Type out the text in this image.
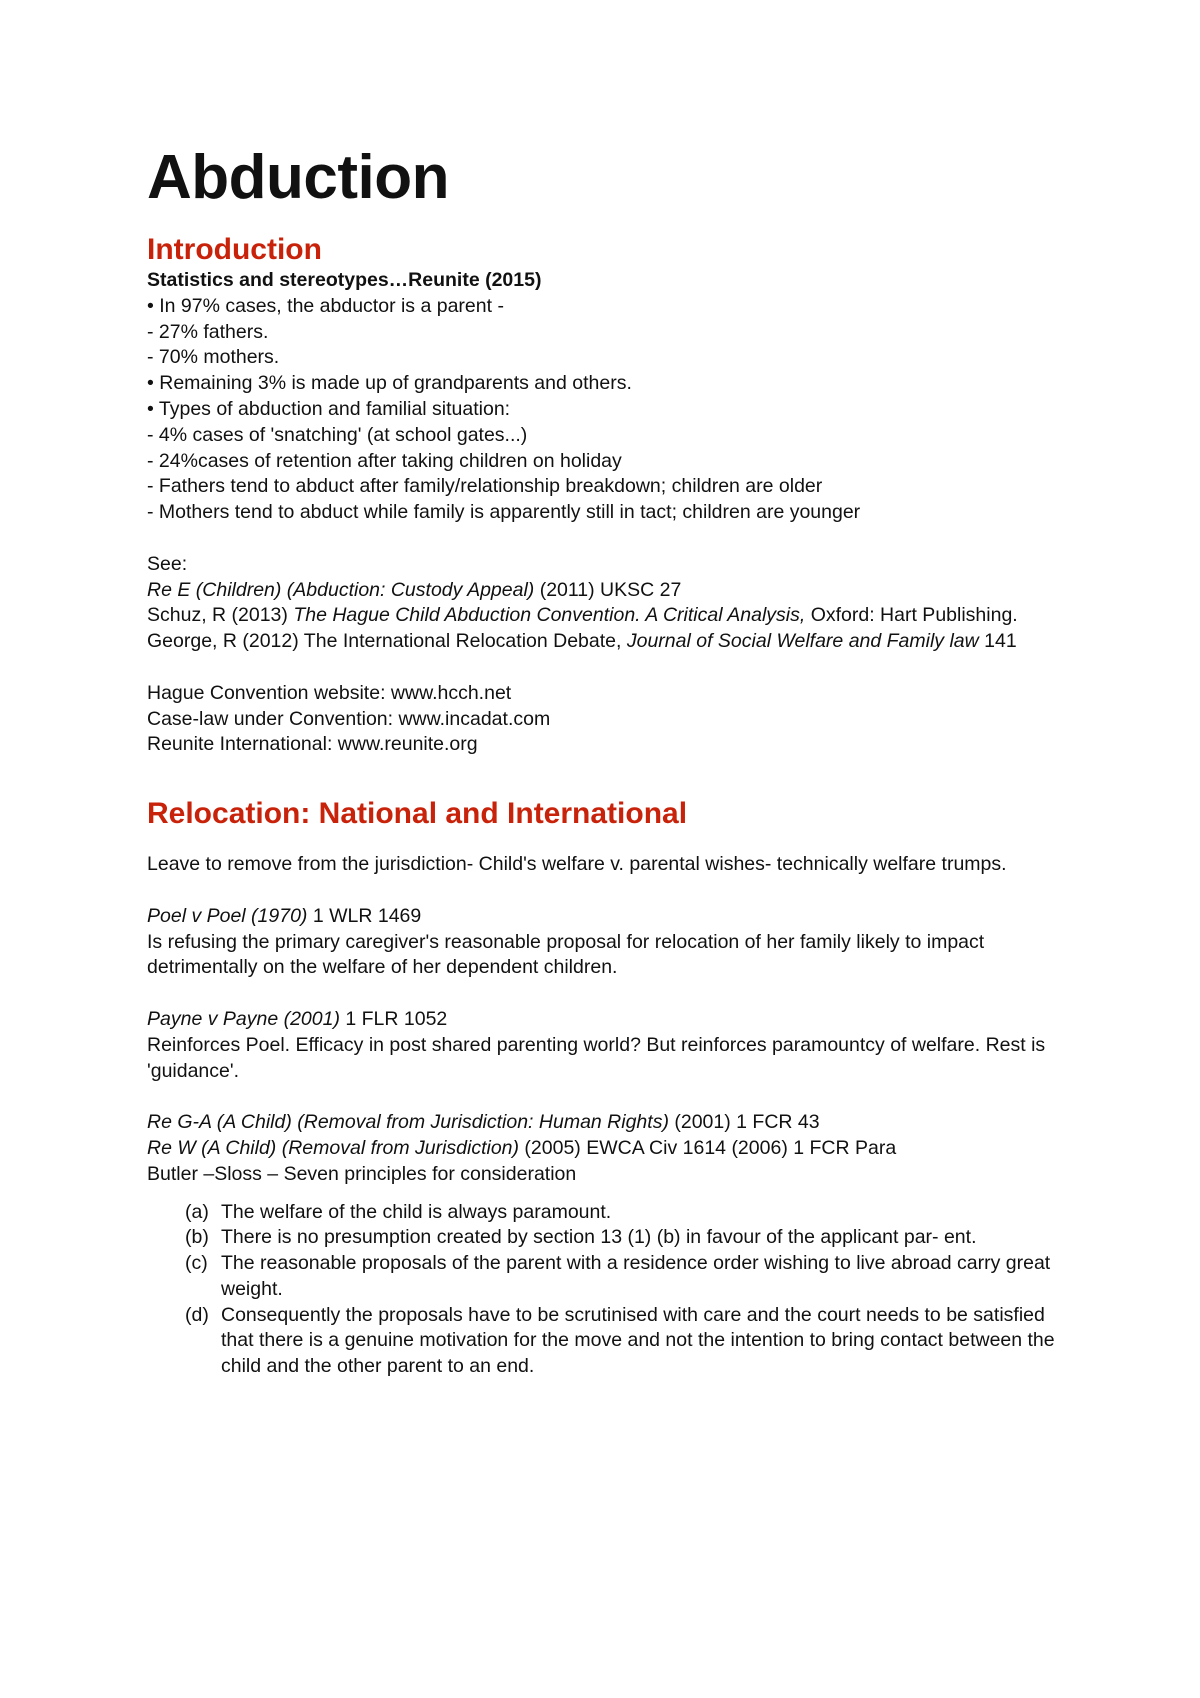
Abduction
Introduction

Statistics and stereotypes…Reunite (2015)

• In 97% cases, the abductor is a parent -

- 27% fathers.

- 70% mothers.

• Remaining 3% is made up of grandparents and others.

• Types of abduction and familial situation:

- 4% cases of 'snatching' (at school gates...)

- 24%cases of retention after taking children on holiday

- Fathers tend to abduct after family/relationship breakdown; children are older

- Mothers tend to abduct while family is apparently still in tact; children are younger

See:

Re E (Children) (Abduction: Custody Appeal) (2011) UKSC 27

Schuz, R (2013) The Hague Child Abduction Convention. A Critical Analysis, Oxford: Hart Publishing.

George, R (2012) The International Relocation Debate, Journal of Social Welfare and Family law 141

Hague Convention website: www.hcch.net

Case-law under Convention: www.incadat.com

Reunite International: www.reunite.org

Relocation: National and International

Leave to remove from the jurisdiction- Child's welfare v. parental wishes- technically welfare trumps.

Poel v Poel (1970) 1 WLR 1469

Is refusing the primary caregiver's reasonable proposal for relocation of her family likely to impact detrimentally on the welfare of her dependent children.

Payne v Payne (2001) 1 FLR 1052

Reinforces Poel. Efficacy in post shared parenting world? But reinforces paramountcy of welfare. Rest is 'guidance'.

Re G-A (A Child) (Removal from Jurisdiction: Human Rights) (2001) 1 FCR 43

Re W (A Child) (Removal from Jurisdiction) (2005) EWCA Civ 1614 (2006) 1 FCR Para

Butler –Sloss – Seven principles for consideration

(a) The welfare of the child is always paramount.
(b) There is no presumption created by section 13 (1) (b) in favour of the applicant par- ent.
(c) The reasonable proposals of the parent with a residence order wishing to live abroad carry great weight.
(d) Consequently the proposals have to be scrutinised with care and the court needs to be satisfied that there is a genuine motivation for the move and not the intention to bring contact between the child and the other parent to an end.
